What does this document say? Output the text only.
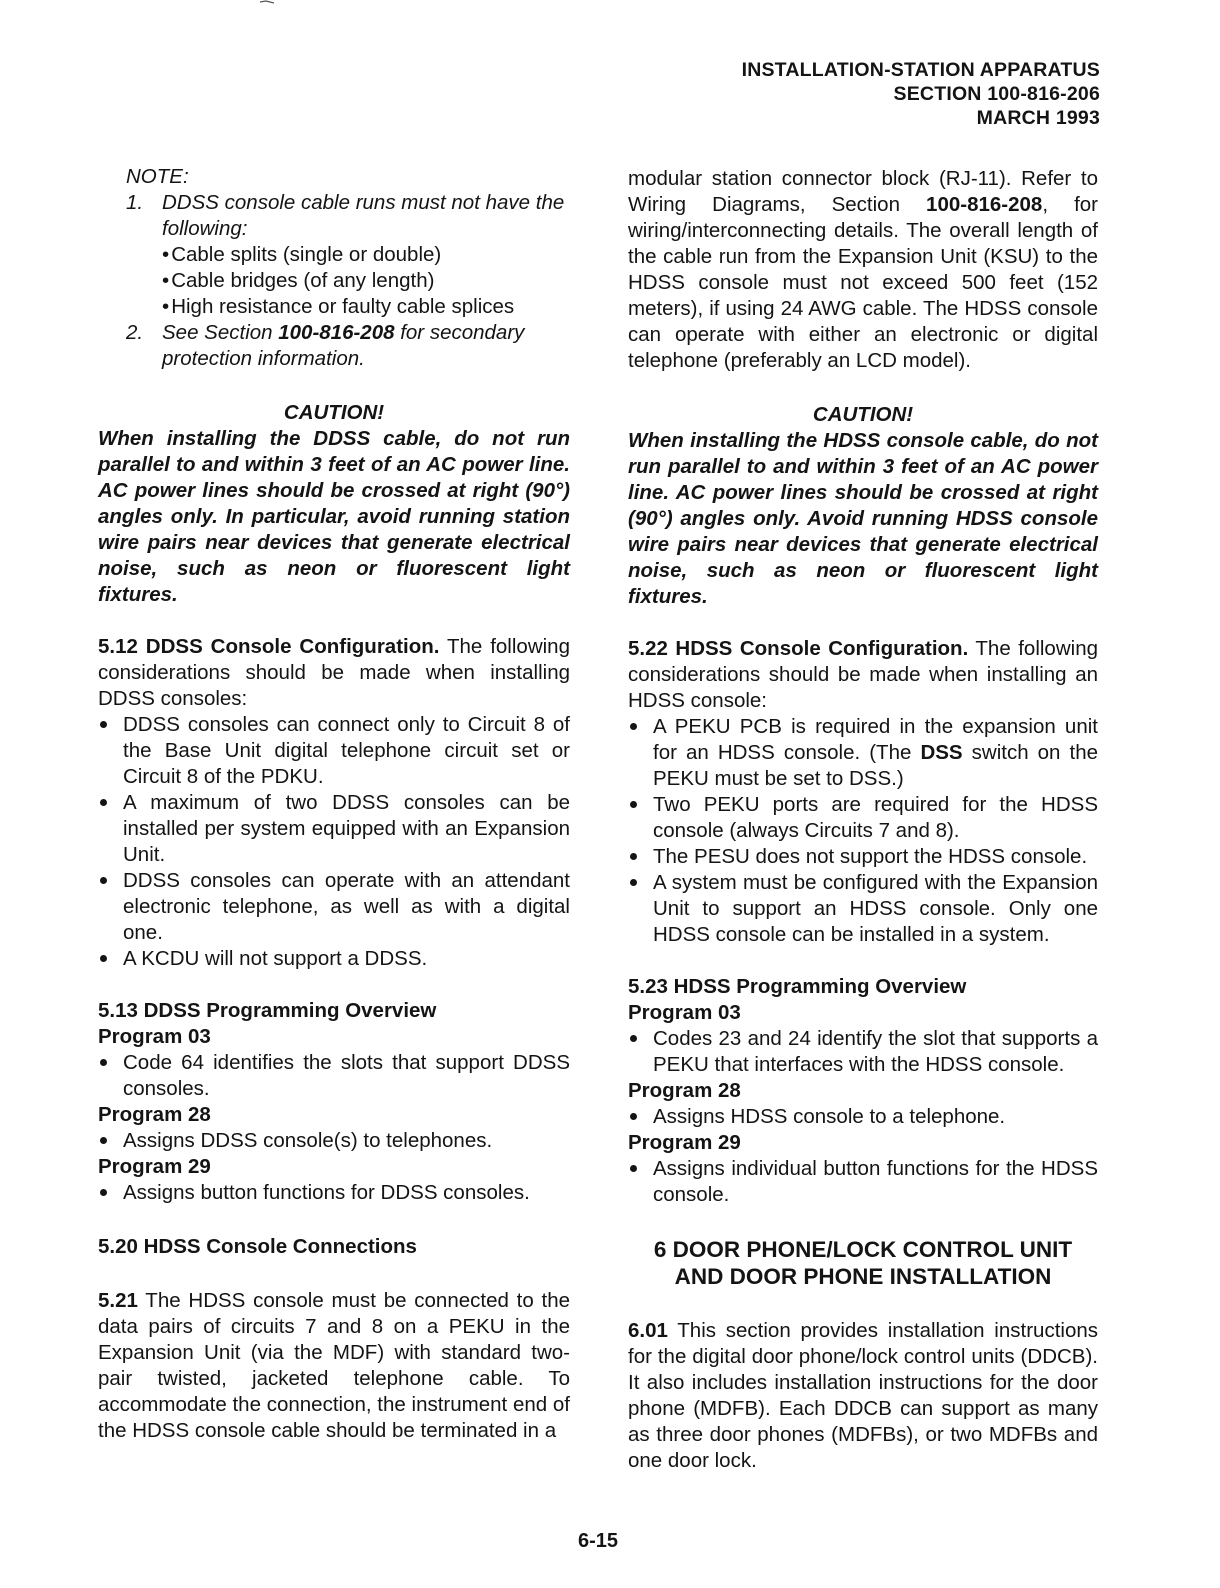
INSTALLATION-STATION APPARATUS
SECTION 100-816-206
MARCH 1993
NOTE:
1. DDSS console cable runs must not have the following:
• Cable splits (single or double)
• Cable bridges (of any length)
• High resistance or faulty cable splices
2. See Section 100-816-208 for secondary protection information.
CAUTION!

When installing the DDSS cable, do not run parallel to and within 3 feet of an AC power line. AC power lines should be crossed at right (90°) angles only. In particular, avoid running station wire pairs near devices that generate electrical noise, such as neon or fluorescent light fixtures.

5.12 DDSS Console Configuration. The following considerations should be made when installing DDSS consoles:

DDSS consoles can connect only to Circuit 8 of the Base Unit digital telephone circuit set or Circuit 8 of the PDKU.
A maximum of two DDSS consoles can be installed per system equipped with an Expansion Unit.
DDSS consoles can operate with an attendant electronic telephone, as well as with a digital one.
A KCDU will not support a DDSS.
5.13 DDSS Programming Overview
Program 03
Code 64 identifies the slots that support DDSS consoles.
Program 28
Assigns DDSS console(s) to telephones.
Program 29
Assigns button functions for DDSS consoles.
5.20 HDSS Console Connections

5.21 The HDSS console must be connected to the data pairs of circuits 7 and 8 on a PEKU in the Expansion Unit (via the MDF) with standard two-pair twisted, jacketed telephone cable. To accommodate the connection, the instrument end of the HDSS console cable should be terminated in a

modular station connector block (RJ-11). Refer to Wiring Diagrams, Section 100-816-208, for wiring/interconnecting details. The overall length of the cable run from the Expansion Unit (KSU) to the HDSS console must not exceed 500 feet (152 meters), if using 24 AWG cable. The HDSS console can operate with either an electronic or digital telephone (preferably an LCD model).

CAUTION!

When installing the HDSS console cable, do not run parallel to and within 3 feet of an AC power line. AC power lines should be crossed at right (90°) angles only. Avoid running HDSS console wire pairs near devices that generate electrical noise, such as neon or fluorescent light fixtures.

5.22 HDSS Console Configuration. The following considerations should be made when installing an HDSS console:

A PEKU PCB is required in the expansion unit for an HDSS console. (The DSS switch on the PEKU must be set to DSS.)
Two PEKU ports are required for the HDSS console (always Circuits 7 and 8).
The PESU does not support the HDSS console.
A system must be configured with the Expansion Unit to support an HDSS console. Only one HDSS console can be installed in a system.
5.23 HDSS Programming Overview
Program 03
Codes 23 and 24 identify the slot that supports a PEKU that interfaces with the HDSS console.
Program 28
Assigns HDSS console to a telephone.
Program 29
Assigns individual button functions for the HDSS console.
6 DOOR PHONE/LOCK CONTROL UNIT
AND DOOR PHONE INSTALLATION

6.01 This section provides installation instructions for the digital door phone/lock control units (DDCB). It also includes installation instructions for the door phone (MDFB). Each DDCB can support as many as three door phones (MDFBs), or two MDFBs and one door lock.

6-15
